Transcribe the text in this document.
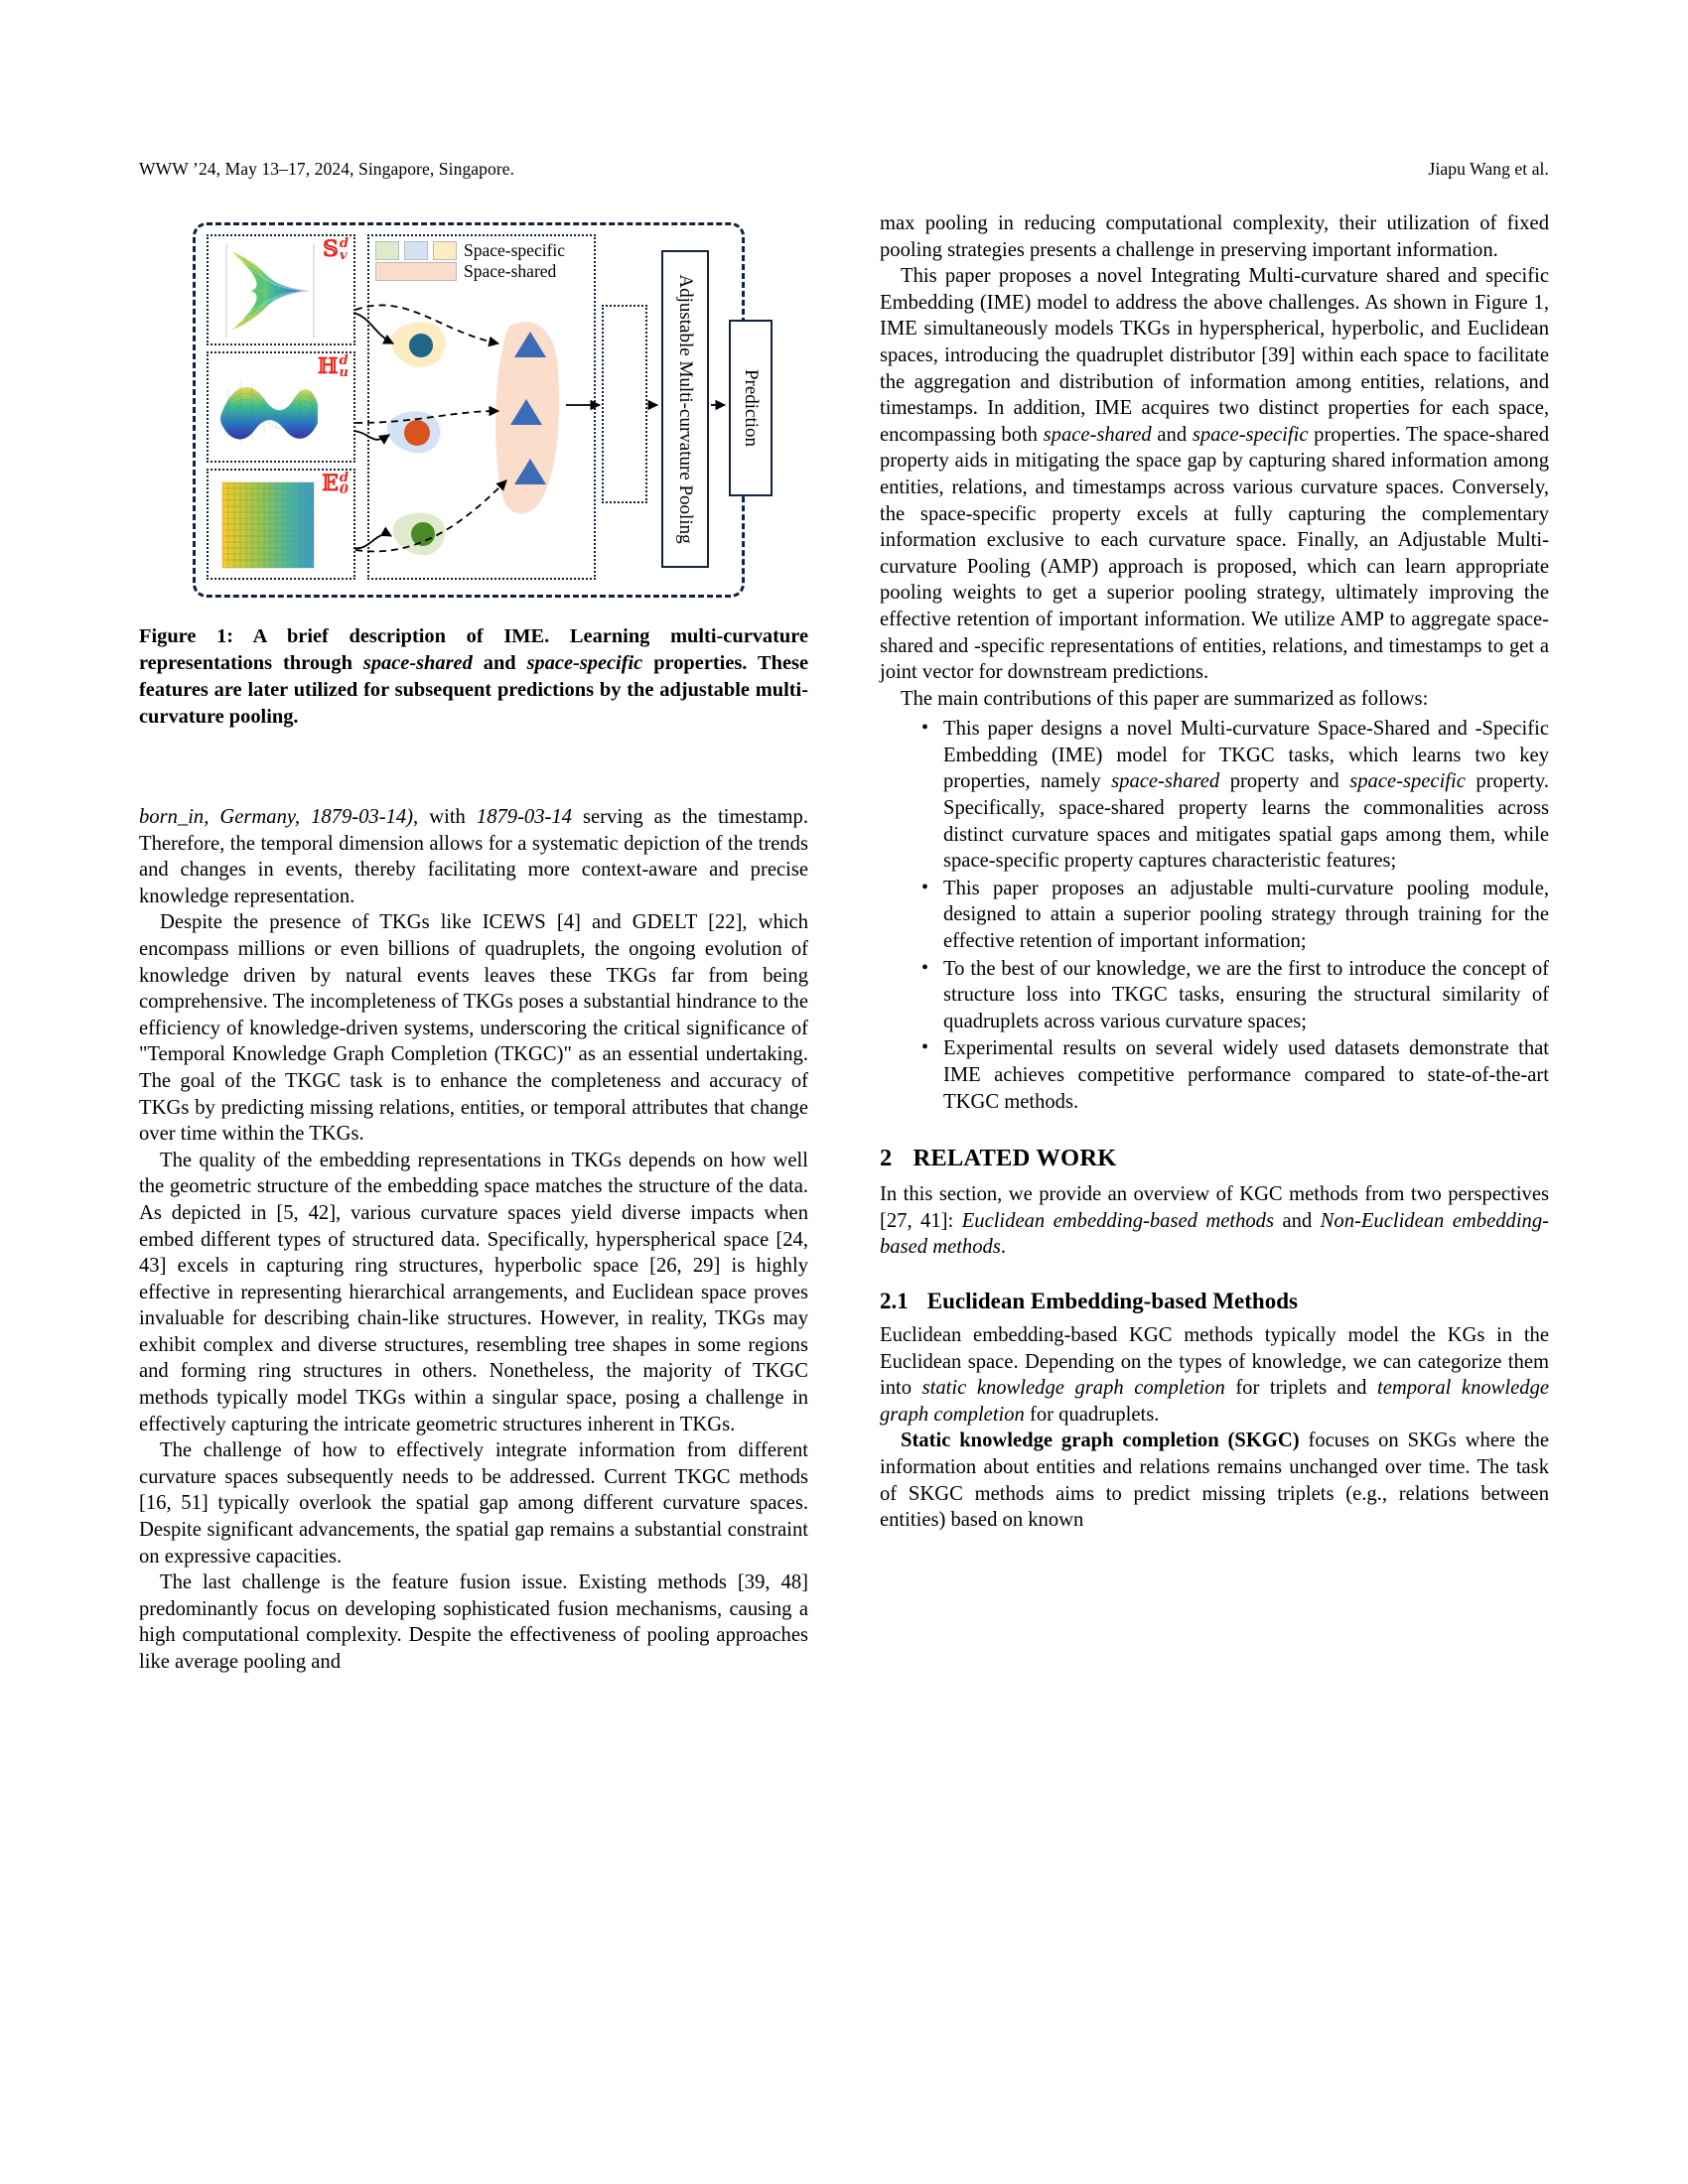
WWW ’24, May 13–17, 2024, Singapore, Singapore.	Jiapu Wang et al.
𝕊d
v
ℍd
u
𝔼d
0
Space-specific
Space-shared
Adjustable Multi-curvature Pooling Prediction
Figure 1: A brief description of IME. Learning multi-curvature representations through space-shared and space-specific properties. These features are later utilized for subsequent predictions by the adjustable multi-curvature pooling.

born_in, Germany, 1879-03-14), with 1879-03-14 serving as the timestamp. Therefore, the temporal dimension allows for a systematic depiction of the trends and changes in events, thereby facilitating more context-aware and precise knowledge representation.

Despite the presence of TKGs like ICEWS [4] and GDELT [22], which encompass millions or even billions of quadruplets, the ongoing evolution of knowledge driven by natural events leaves these TKGs far from being comprehensive. The incompleteness of TKGs poses a substantial hindrance to the efficiency of knowledge-driven systems, underscoring the critical significance of "Temporal Knowledge Graph Completion (TKGC)" as an essential undertaking. The goal of the TKGC task is to enhance the completeness and accuracy of TKGs by predicting missing relations, entities, or temporal attributes that change over time within the TKGs.

The quality of the embedding representations in TKGs depends on how well the geometric structure of the embedding space matches the structure of the data. As depicted in [5, 42], various curvature spaces yield diverse impacts when embed different types of structured data. Specifically, hyperspherical space [24, 43] excels in capturing ring structures, hyperbolic space [26, 29] is highly effective in representing hierarchical arrangements, and Euclidean space proves invaluable for describing chain-like structures. However, in reality, TKGs may exhibit complex and diverse structures, resembling tree shapes in some regions and forming ring structures in others. Nonetheless, the majority of TKGC methods typically model TKGs within a singular space, posing a challenge in effectively capturing the intricate geometric structures inherent in TKGs.

The challenge of how to effectively integrate information from different curvature spaces subsequently needs to be addressed. Current TKGC methods [16, 51] typically overlook the spatial gap among different curvature spaces. Despite significant advancements, the spatial gap remains a substantial constraint on expressive capacities.

The last challenge is the feature fusion issue. Existing methods [39, 48] predominantly focus on developing sophisticated fusion mechanisms, causing a high computational complexity. Despite the effectiveness of pooling approaches like average pooling and

max pooling in reducing computational complexity, their utilization of fixed pooling strategies presents a challenge in preserving important information.

This paper proposes a novel Integrating Multi-curvature shared and specific Embedding (IME) model to address the above challenges. As shown in Figure 1, IME simultaneously models TKGs in hyperspherical, hyperbolic, and Euclidean spaces, introducing the quadruplet distributor [39] within each space to facilitate the aggregation and distribution of information among entities, relations, and timestamps. In addition, IME acquires two distinct properties for each space, encompassing both space-shared and space-specific properties. The space-shared property aids in mitigating the space gap by capturing shared information among entities, relations, and timestamps across various curvature spaces. Conversely, the space-specific property excels at fully capturing the complementary information exclusive to each curvature space. Finally, an Adjustable Multi-curvature Pooling (AMP) approach is proposed, which can learn appropriate pooling weights to get a superior pooling strategy, ultimately improving the effective retention of important information. We utilize AMP to aggregate space-shared and -specific representations of entities, relations, and timestamps to get a joint vector for downstream predictions.

The main contributions of this paper are summarized as follows:

• This paper designs a novel Multi-curvature Space-Shared and -Specific Embedding (IME) model for TKGC tasks, which learns two key properties, namely space-shared property and space-specific property. Specifically, space-shared property learns the commonalities across distinct curvature spaces and mitigates spatial gaps among them, while space-specific property captures characteristic features;
• This paper proposes an adjustable multi-curvature pooling module, designed to attain a superior pooling strategy through training for the effective retention of important information;
• To the best of our knowledge, we are the first to introduce the concept of structure loss into TKGC tasks, ensuring the structural similarity of quadruplets across various curvature spaces;
• Experimental results on several widely used datasets demonstrate that IME achieves competitive performance compared to state-of-the-art TKGC methods.
2 RELATED WORK

In this section, we provide an overview of KGC methods from two perspectives [27, 41]: Euclidean embedding-based methods and Non-Euclidean embedding-based methods.

2.1 Euclidean Embedding-based Methods

Euclidean embedding-based KGC methods typically model the KGs in the Euclidean space. Depending on the types of knowledge, we can categorize them into static knowledge graph completion for triplets and temporal knowledge graph completion for quadruplets.

Static knowledge graph completion (SKGC) focuses on SKGs where the information about entities and relations remains unchanged over time. The task of SKGC methods aims to predict missing triplets (e.g., relations between entities) based on known
